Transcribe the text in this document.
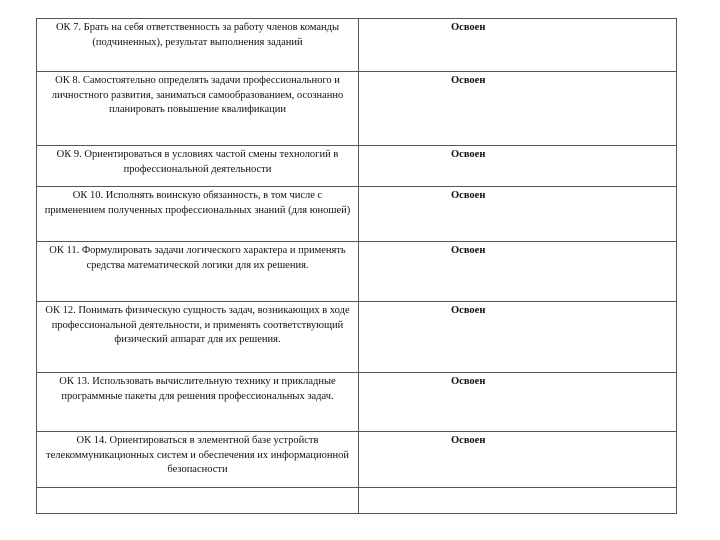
ОК 7. Брать на себя ответственность за работу членов команды (подчиненных), результат выполнения заданий	Освоен
ОК 8. Самостоятельно определять задачи профессионального и личностного развития, заниматься самообразованием, осознанно планировать повышение квалификации	Освоен
ОК 9. Ориентироваться в условиях частой смены технологий в профессиональной деятельности	Освоен
ОК 10. Исполнять воинскую обязанность, в том числе с применением полученных профессиональных знаний (для юношей)	Освоен
ОК 11. Формулировать задачи логического характера и применять средства математической логики для их решения.	Освоен
ОК 12. Понимать физическую сущность задач, возникающих в ходе профессиональной деятельности, и применять соответствующий физический аппарат для их решения.	Освоен
ОК 13. Использовать вычислительную технику и прикладные программные пакеты для решения профессиональных задач.	Освоен
ОК 14. Ориентироваться в элементной базе устройств телекоммуникационных систем и обеспечения их информационной безопасности	Освоен
